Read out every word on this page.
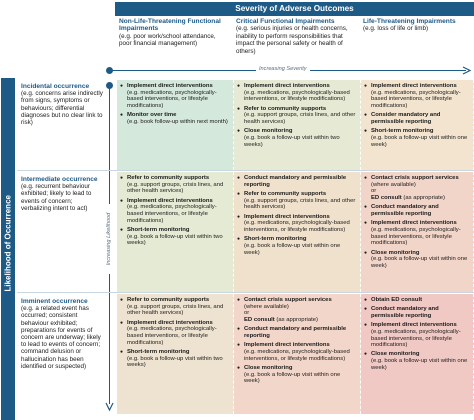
Severity of Adverse Outcomes
Non-Life-Threatening Functional Impairments
(e.g. poor work/school attendance, poor financial management)
Critical Functional Impairments
(e.g. serious injuries or health concerns, inability to perform responsibilities that impact the personal safety or health of others)
Life-Threatening Impairments
(e.g. loss of life or limb)
Increasing Severity
Likelihood of Occurrence	Increasing Likelihood
Incidental occurrence
(e.g. concerns arise indirectly from signs, symptoms or behaviours; differential diagnoses but no clear link to risk)
Intermediate occurrence
(e.g. recurrent behaviour exhibited; likely to lead to events of concern; verbalizing intent to act)
Imminent occurrence
(e.g. a related event has occurred; consistent behaviour exhibited; preparations for events of concern are underway; likely to lead to events of concern; command delusion or hallucination has been identified or suspected)
● Implement direct interventions
(e.g. medications, psychologically-based interventions, or lifestyle modifications)
● Monitor over time
(e.g. book follow-up within next month)
● Implement direct interventions
(e.g. medications, psychologically-based interventions, or lifestyle modifications)
● Refer to community supports
(e.g. support groups, crisis lines, and other health services)
● Close monitoring
(e.g. book a follow-up visit within two weeks)
● Implement direct interventions
(e.g. medications, psychologically-based interventions, or lifestyle modifications)
● Consider mandatory and permissible reporting
● Short-term monitoring
(e.g. book a follow-up visit within one week)
● Refer to community supports
(e.g. support groups, crisis lines, and other health services)
● Implement direct interventions
(e.g. medications, psychologically-based interventions, or lifestyle modifications)
● Short-term monitoring
(e.g. book a follow-up visit within two weeks)
● Conduct mandatory and permissible reporting
● Refer to community supports
(e.g. support groups, crisis lines, and other health services)
● Implement direct interventions
(e.g. medications, psychologically-based interventions, or lifestyle modifications)
● Short-term monitoring
(e.g. book a follow-up visit within one week)
● Contact crisis support services
(where available)
or
ED consult (as appropriate)
● Conduct mandatory and permissible reporting
● Implement direct interventions
(e.g. medications, psychologically-based interventions, or lifestyle modifications)
● Close monitoring
(e.g. book a follow-up visit within one week)
● Refer to community supports
(e.g. support groups, crisis lines, and other health services)
● Implement direct interventions
(e.g. medications, psychologically-based interventions, or lifestyle modifications)
● Short-term monitoring
(e.g. book a follow-up visit within two weeks)
● Contact crisis support services
(where available)
or
ED consult (as appropriate)
● Conduct mandatory and permissible reporting
● Implement direct interventions
(e.g. medications, psychologically-based interventions, or lifestyle modifications)
● Close monitoring
(e.g. book a follow-up visit within one week)
● Obtain ED consult
● Conduct mandatory and permissible reporting
● Implement direct interventions
(e.g. medications, psychologically-based interventions, or lifestyle modifications)
● Close monitoring
(e.g. book a follow-up visit within one week)
